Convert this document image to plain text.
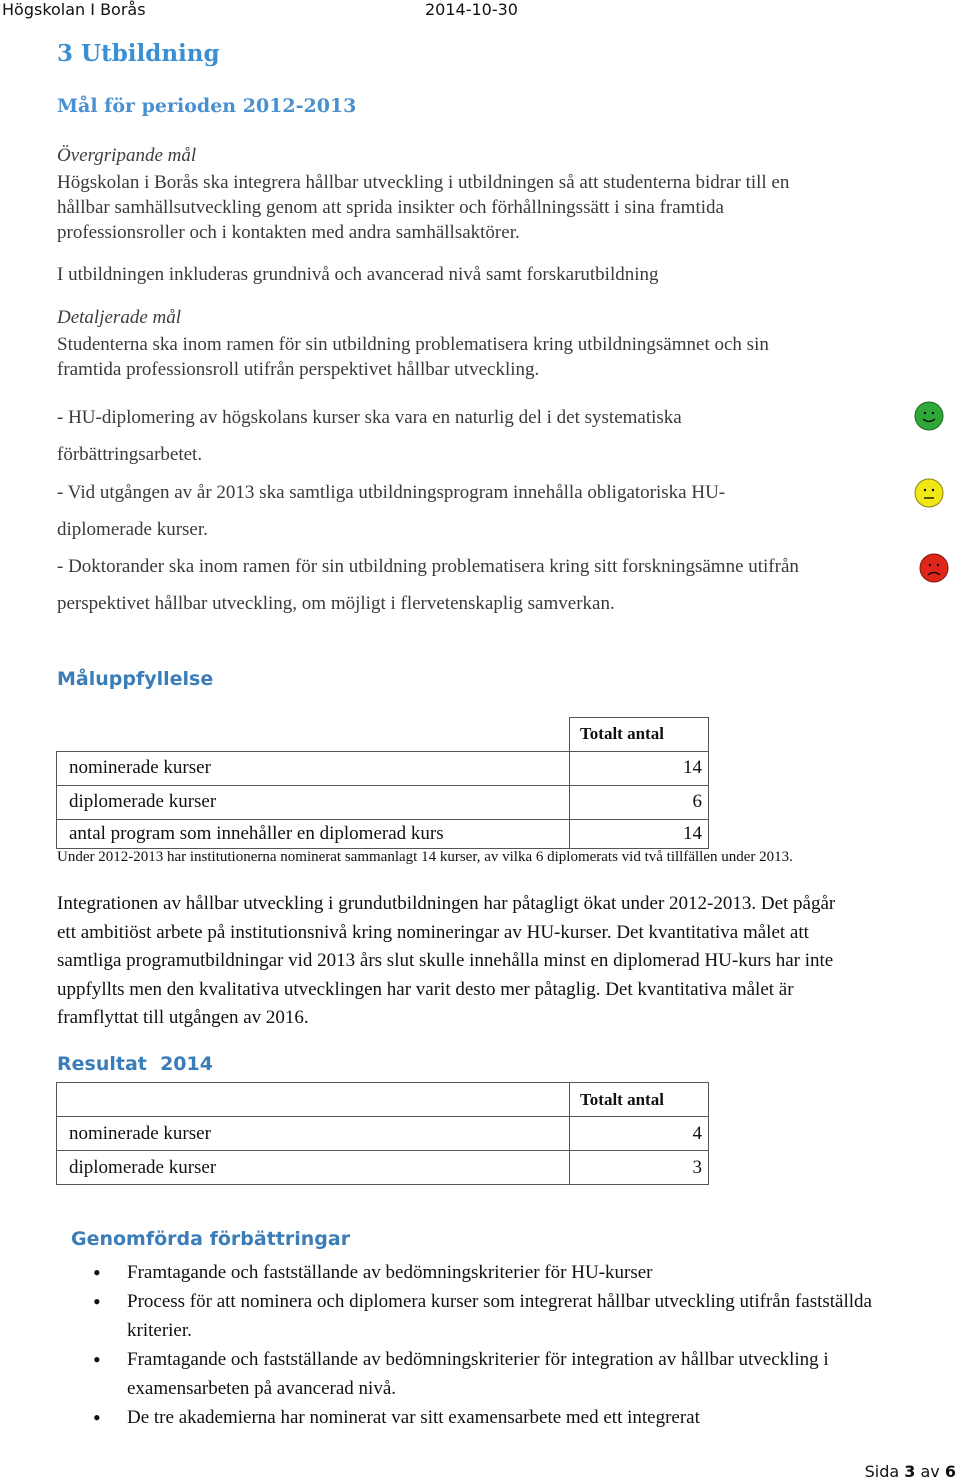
Högskolan I Borås	2014-10-30
3 Utbildning
Mål för perioden 2012-2013
Övergripande mål
Högskolan i Borås ska integrera hållbar utveckling i utbildningen så att studenterna bidrar till en
hållbar samhällsutveckling genom att sprida insikter och förhållningssätt i sina framtida
professionsroller och i kontakten med andra samhällsaktörer.
I utbildningen inkluderas grundnivå och avancerad nivå samt forskarutbildning
Detaljerade mål
Studenterna ska inom ramen för sin utbildning problematisera kring utbildningsämnet och sin
framtida professionsroll utifrån perspektivet hållbar utveckling.
- HU-diplomering av högskolans kurser ska vara en naturlig del i det systematiska
förbättringsarbetet.
- Vid utgången av år 2013 ska samtliga utbildningsprogram innehålla obligatoriska HU-
diplomerade kurser.
- Doktorander ska inom ramen för sin utbildning problematisera kring sitt forskningsämne utifrån
perspektivet hållbar utveckling, om möjligt i flervetenskaplig samverkan.
Måluppfyllelse
	Totalt antal
nominerade kurser	14
diplomerade kurser	6
antal program som innehåller en diplomerad kurs	14
Under 2012-2013 har institutionerna nominerat sammanlagt 14 kurser, av vilka 6 diplomerats vid två tillfällen under 2013.
Integrationen av hållbar utveckling i grundutbildningen har påtagligt ökat under 2012-2013. Det pågår
ett ambitiöst arbete på institutionsnivå kring nomineringar av HU-kurser. Det kvantitativa målet att
samtliga programutbildningar vid 2013 års slut skulle innehålla minst en diplomerad HU-kurs har inte
uppfyllts men den kvalitativa utvecklingen har varit desto mer påtaglig. Det kvantitativa målet är
framflyttat till utgången av 2016.
Resultat  2014
	Totalt antal
nominerade kurser	4
diplomerade kurser	3
Genomförda förbättringar
• Framtagande och fastställande av bedömningskriterier för HU-kurser
• Process för att nominera och diplomera kurser som integrerat hållbar utveckling utifrån fastställda kriterier.
• Framtagande och fastställande av bedömningskriterier för integration av hållbar utveckling i examensarbeten på avancerad nivå.
• De tre akademierna har nominerat var sitt examensarbete med ett integrerat
Sida 3 av 6
